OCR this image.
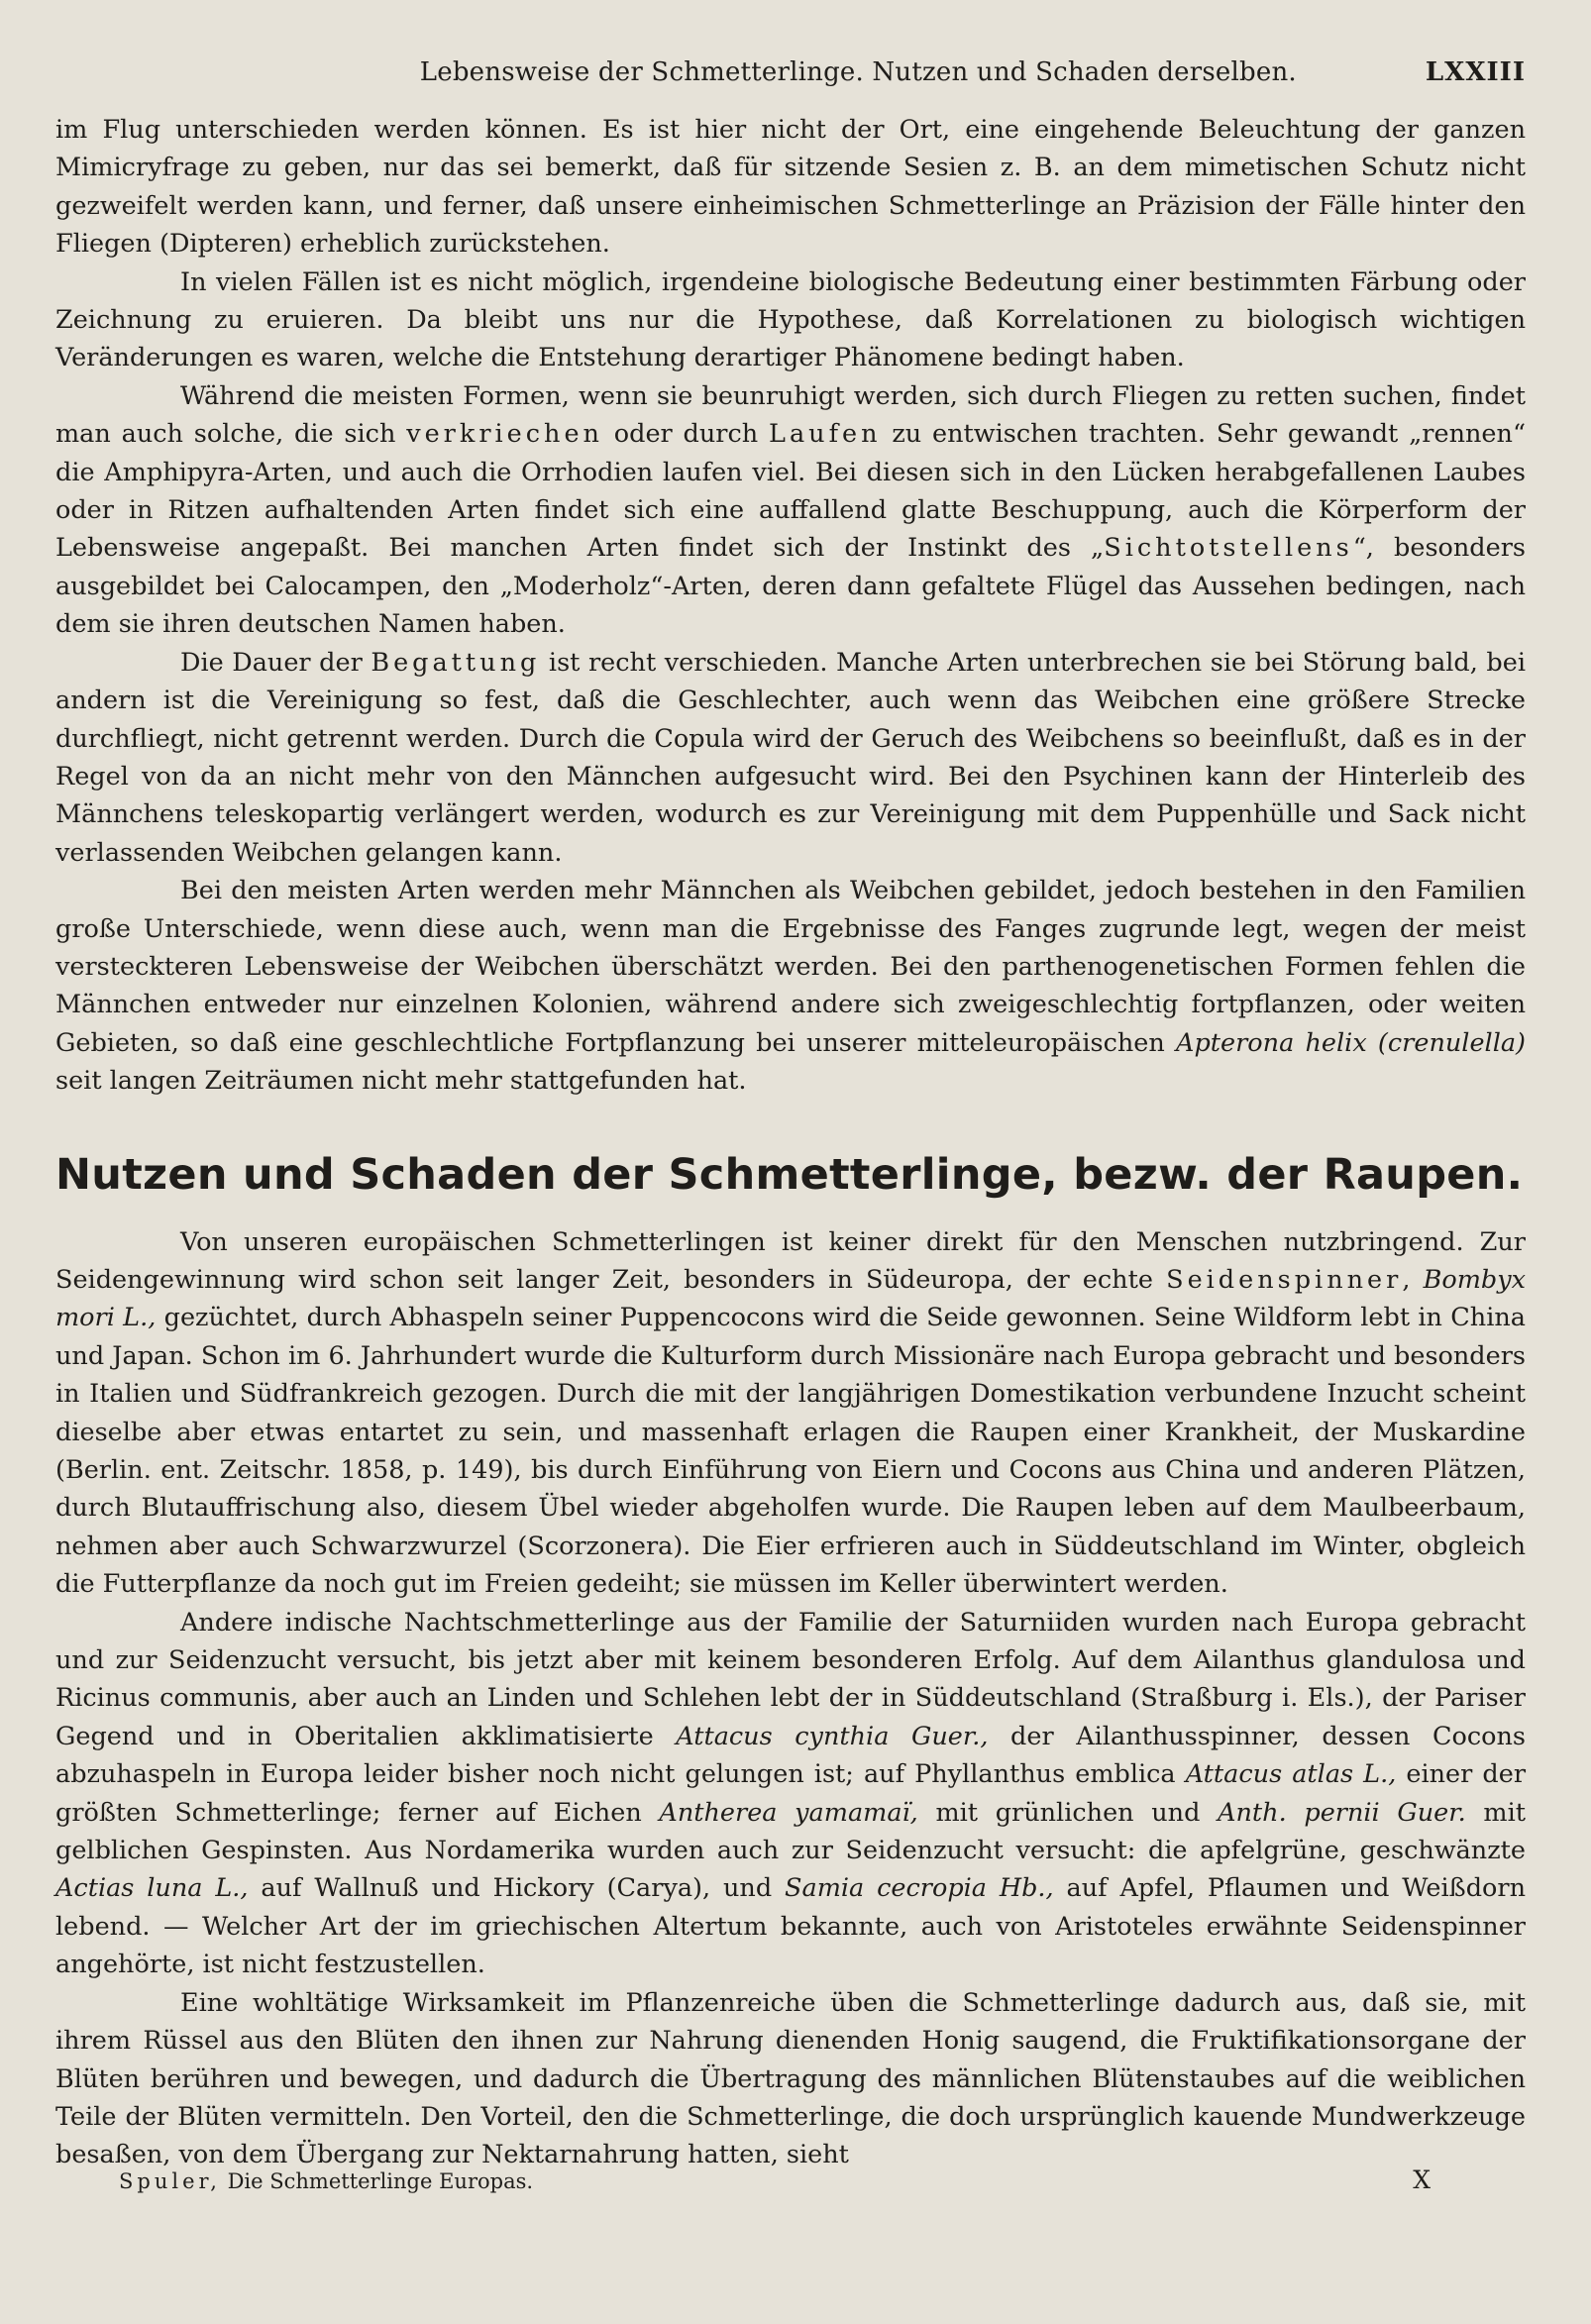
Lebensweise der Schmetterlinge. Nutzen und Schaden derselben.	LXXIII

im Flug unterschieden werden können. Es ist hier nicht der Ort, eine eingehende Beleuchtung der ganzen Mimicryfrage zu geben, nur das sei bemerkt, daß für sitzende Sesien z. B. an dem mimetischen Schutz nicht gezweifelt werden kann, und ferner, daß unsere einheimischen Schmetterlinge an Präzision der Fälle hinter den Fliegen (Dipteren) erheblich zurückstehen.

In vielen Fällen ist es nicht möglich, irgendeine biologische Bedeutung einer bestimmten Färbung oder Zeichnung zu eruieren. Da bleibt uns nur die Hypothese, daß Korrelationen zu biologisch wichtigen Veränderungen es waren, welche die Entstehung derartiger Phänomene bedingt haben.

Während die meisten Formen, wenn sie beunruhigt werden, sich durch Fliegen zu retten suchen, findet man auch solche, die sich verkriechen oder durch Laufen zu entwischen trachten. Sehr gewandt „rennen“ die Amphipyra-Arten, und auch die Orrhodien laufen viel. Bei diesen sich in den Lücken herabgefallenen Laubes oder in Ritzen aufhaltenden Arten findet sich eine auffallend glatte Beschuppung, auch die Körperform der Lebensweise angepaßt. Bei manchen Arten findet sich der Instinkt des „Sichtotstellens“, besonders ausgebildet bei Calocampen, den „Moderholz“-Arten, deren dann gefaltete Flügel das Aussehen bedingen, nach dem sie ihren deutschen Namen haben.

Die Dauer der Begattung ist recht verschieden. Manche Arten unterbrechen sie bei Störung bald, bei andern ist die Vereinigung so fest, daß die Geschlechter, auch wenn das Weibchen eine größere Strecke durchfliegt, nicht getrennt werden. Durch die Copula wird der Geruch des Weibchens so beeinflußt, daß es in der Regel von da an nicht mehr von den Männchen aufgesucht wird. Bei den Psychinen kann der Hinterleib des Männchens teleskopartig verlängert werden, wodurch es zur Vereinigung mit dem Puppenhülle und Sack nicht verlassenden Weibchen gelangen kann.

Bei den meisten Arten werden mehr Männchen als Weibchen gebildet, jedoch bestehen in den Familien große Unterschiede, wenn diese auch, wenn man die Ergebnisse des Fanges zugrunde legt, wegen der meist versteckteren Lebensweise der Weibchen überschätzt werden. Bei den parthenogenetischen Formen fehlen die Männchen entweder nur einzelnen Kolonien, während andere sich zweigeschlechtig fortpflanzen, oder weiten Gebieten, so daß eine geschlechtliche Fortpflanzung bei unserer mitteleuropäischen Apterona helix (crenulella) seit langen Zeiträumen nicht mehr stattgefunden hat.

Nutzen und Schaden der Schmetterlinge, bezw. der Raupen.

Von unseren europäischen Schmetterlingen ist keiner direkt für den Menschen nutzbringend. Zur Seidengewinnung wird schon seit langer Zeit, besonders in Südeuropa, der echte Seidenspinner, Bombyx mori L., gezüchtet, durch Abhaspeln seiner Puppencocons wird die Seide gewonnen. Seine Wildform lebt in China und Japan. Schon im 6. Jahrhundert wurde die Kulturform durch Missionäre nach Europa gebracht und besonders in Italien und Südfrankreich gezogen. Durch die mit der langjährigen Domestikation verbundene Inzucht scheint dieselbe aber etwas entartet zu sein, und massenhaft erlagen die Raupen einer Krankheit, der Muskardine (Berlin. ent. Zeitschr. 1858, p. 149), bis durch Einführung von Eiern und Cocons aus China und anderen Plätzen, durch Blutauffrischung also, diesem Übel wieder abgeholfen wurde. Die Raupen leben auf dem Maulbeerbaum, nehmen aber auch Schwarzwurzel (Scorzonera). Die Eier erfrieren auch in Süddeutschland im Winter, obgleich die Futterpflanze da noch gut im Freien gedeiht; sie müssen im Keller überwintert werden.

Andere indische Nachtschmetterlinge aus der Familie der Saturniiden wurden nach Europa gebracht und zur Seidenzucht versucht, bis jetzt aber mit keinem besonderen Erfolg. Auf dem Ailanthus glandulosa und Ricinus communis, aber auch an Linden und Schlehen lebt der in Süddeutschland (Straßburg i. Els.), der Pariser Gegend und in Oberitalien akklimatisierte Attacus cynthia Guer., der Ailanthusspinner, dessen Cocons abzuhaspeln in Europa leider bisher noch nicht gelungen ist; auf Phyllanthus emblica Attacus atlas L., einer der größten Schmetterlinge; ferner auf Eichen Antherea yamamaï, mit grünlichen und Anth. pernii Guer. mit gelblichen Gespinsten. Aus Nordamerika wurden auch zur Seidenzucht versucht: die apfelgrüne, geschwänzte Actias luna L., auf Wallnuß und Hickory (Carya), und Samia cecropia Hb., auf Apfel, Pflaumen und Weißdorn lebend. — Welcher Art der im griechischen Altertum bekannte, auch von Aristoteles erwähnte Seidenspinner angehörte, ist nicht festzustellen.

Eine wohltätige Wirksamkeit im Pflanzenreiche üben die Schmetterlinge dadurch aus, daß sie, mit ihrem Rüssel aus den Blüten den ihnen zur Nahrung dienenden Honig saugend, die Fruktifikationsorgane der Blüten berühren und bewegen, und dadurch die Übertragung des männlichen Blütenstaubes auf die weiblichen Teile der Blüten vermitteln. Den Vorteil, den die Schmetterlinge, die doch ursprünglich kauende Mundwerkzeuge besaßen, von dem Übergang zur Nektarnahrung hatten, sieht

Spuler, Die Schmetterlinge Europas.	X
